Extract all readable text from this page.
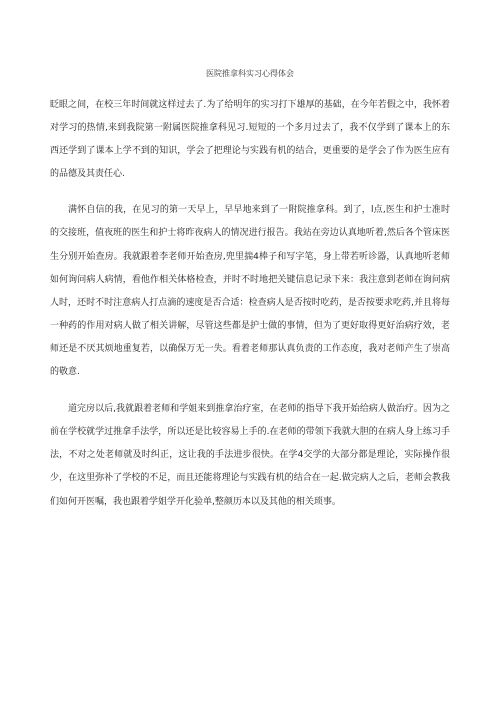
医院推拿科实习心得体会

眨眼之间，在校三年时间就这样过去了.为了给明年的实习打下雄厚的基础，在今年若假之中，我怀着对学习的热情,来到我院第一附属医院推拿科见习.短短的一个多月过去了，我不仅学到了课本上的东西还学到了课本上学不到的知识，学会了把理论与实践有机的结合，更重要的是学会了作为医生应有的品德及其责任心.

满怀自信的我，在见习的第一天早上，早早地来到了一附院推拿科。到了，l点,医生和护士准时的交接班，值夜班的医生和护士将昨夜病人的情况进行报告。我站在旁边认真地听着,然后各个管床医生分别开始查房。我就跟着李老师开始查房,兜里揣4棒子和写字笔，身上带若听诊器，认真地听老师如何询问病人病情，看他作相关体格检查，并时不时地把关键信息记录下来：我注意到老师在询问病人时，还时不时注意病人打点滴的速度是否合适：检查病人是否按时吃药，是否按要求吃药,并且将每一种药的作用对病人做了相关讲解，尽管这些都是护士做的事情，但为了更好取得更好治病疗效，老师还是不厌其烦地重复若，以确保万无一失。看着老师那认真负责的工作态度，我对老师产生了崇高的敬意.

道完房以后,我就跟着老师和学姐来到推拿治疗室，在老师的指导下我开始给病人做治疗。因为之前在学校就学过推拿手法学，所以还是比较容易上手的.在老师的带领下我就大胆的在病人身上练习手法，不对之处老师就及时纠正，这让我的手法进步很快。在学4交学的大部分都是理论，实际操作很少，在这里弥补了学校的不足，而且还能将理论与实践有机的结合在一起.做完病人之后，老师会教我们如何开医嘱，我也跟着学姐学开化验单,整颜历本以及其他的相关琐事。
